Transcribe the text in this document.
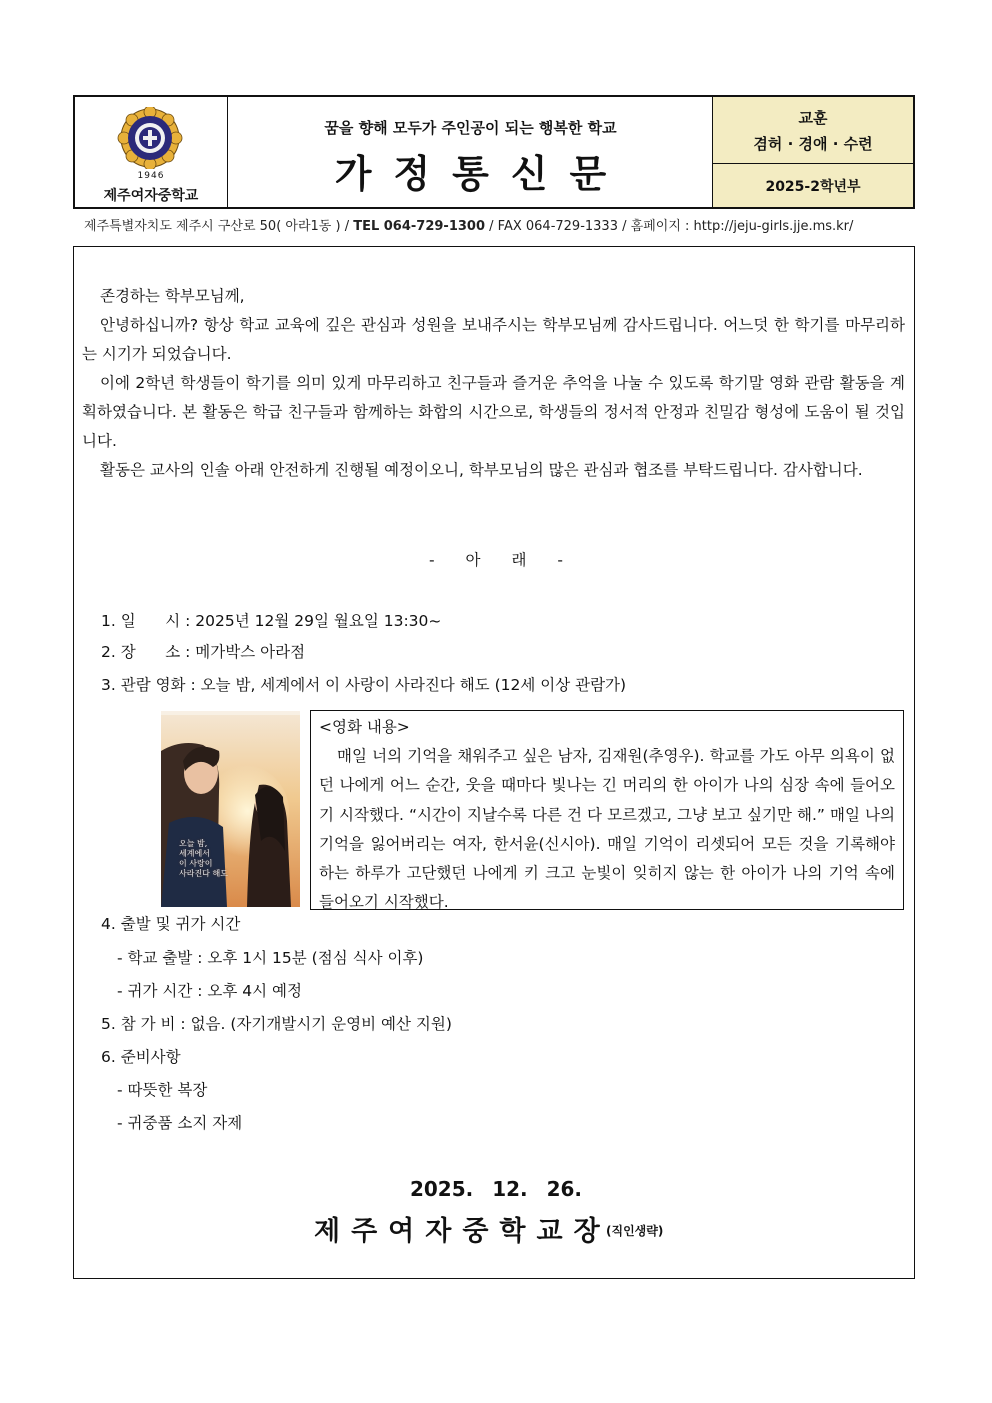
1946
제주여자중학교
꿈을 향해 모두가 주인공이 되는 행복한 학교
가정통신문
교훈
겸허 · 경애 · 수련
2025-2학년부
제주특별자치도 제주시 구산로 50( 아라1동 ) / TEL 064-729-1300 / FAX 064-729-1333 / 홈페이지 : http://jeju-girls.jje.ms.kr/

존경하는 학부모님께,

안녕하십니까? 항상 학교 교육에 깊은 관심과 성원을 보내주시는 학부모님께 감사드립니다. 어느덧 한 학기를 마무리하는 시기가 되었습니다.

이에 2학년 학생들이 학기를 의미 있게 마무리하고 친구들과 즐거운 추억을 나눌 수 있도록 학기말 영화 관람 활동을 계획하였습니다. 본 활동은 학급 친구들과 함께하는 화합의 시간으로, 학생들의 정서적 안정과 친밀감 형성에 도움이 될 것입니다.

활동은 교사의 인솔 아래 안전하게 진행될 예정이오니, 학부모님의 많은 관심과 협조를 부탁드립니다. 감사합니다.

- 아 래 -
1. 일      시 : 2025년 12월 29일 월요일 13:30~
2. 장      소 : 메가박스 아라점
3. 관람 영화 : 오늘 밤, 세계에서 이 사랑이 사라진다 해도 (12세 이상 관람가)
오늘 밤,
세계에서
이 사랑이
사라진다 해도

<영화 내용>

매일 너의 기억을 채워주고 싶은 남자, 김재원(추영우). 학교를 가도 아무 의욕이 없던 나에게 어느 순간, 웃을 때마다 빛나는 긴 머리의 한 아이가 나의 심장 속에 들어오기 시작했다. “시간이 지날수록 다른 건 다 모르겠고, 그냥 보고 싶기만 해.” 매일 나의 기억을 잃어버리는 여자, 한서윤(신시아). 매일 기억이 리셋되어 모든 것을 기록해야 하는 하루가 고단했던 나에게 키 크고 눈빛이 잊히지 않는 한 아이가 나의 기억 속에 들어오기 시작했다.

4. 출발 및 귀가 시간
- 학교 출발 : 오후 1시 15분 (점심 식사 이후)
- 귀가 시간 : 오후 4시 예정
5. 참 가 비 : 없음. (자기개발시기 운영비 예산 지원)
6. 준비사항
- 따뜻한 복장
- 귀중품 소지 자제
2025. 12. 26.
제주여자중학교장
(직인생략)
